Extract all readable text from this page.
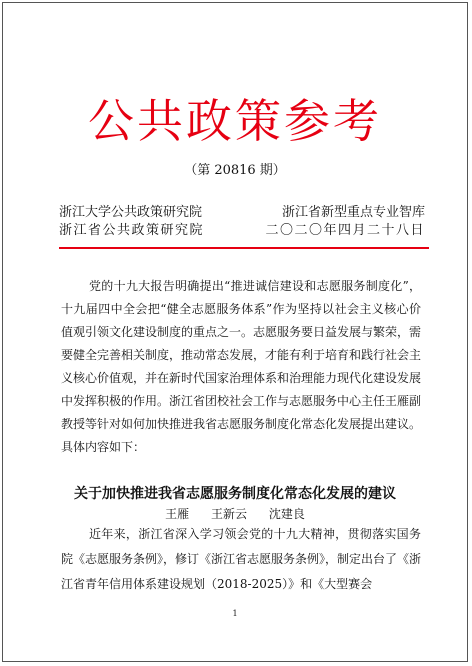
公共政策参考
（第 20816 期）
浙江大学公共政策研究院	浙江省新型重点专业智库
浙江省公共政策研究院	二〇二〇年四月二十八日
党的十九大报告明确提出“推进诚信建设和志愿服务制度化”，十九届四中全会把“健全志愿服务体系”作为坚持以社会主义核心价值观引领文化建设制度的重点之一。志愿服务要日益发展与繁荣，需要健全完善相关制度，推动常态发展，才能有利于培育和践行社会主义核心价值观，并在新时代国家治理体系和治理能力现代化建设发展中发挥积极的作用。浙江省团校社会工作与志愿服务中心主任王雁副教授等针对如何加快推进我省志愿服务制度化常态化发展提出建议。具体内容如下：
关于加快推进我省志愿服务制度化常态化发展的建议
王雁 王新云 沈建良
近年来，浙江省深入学习领会党的十九大精神，贯彻落实国务院《志愿服务条例》，修订《浙江省志愿服务条例》，制定出台了《浙江省青年信用体系建设规划（2018-2025）》和《大型赛会
1
